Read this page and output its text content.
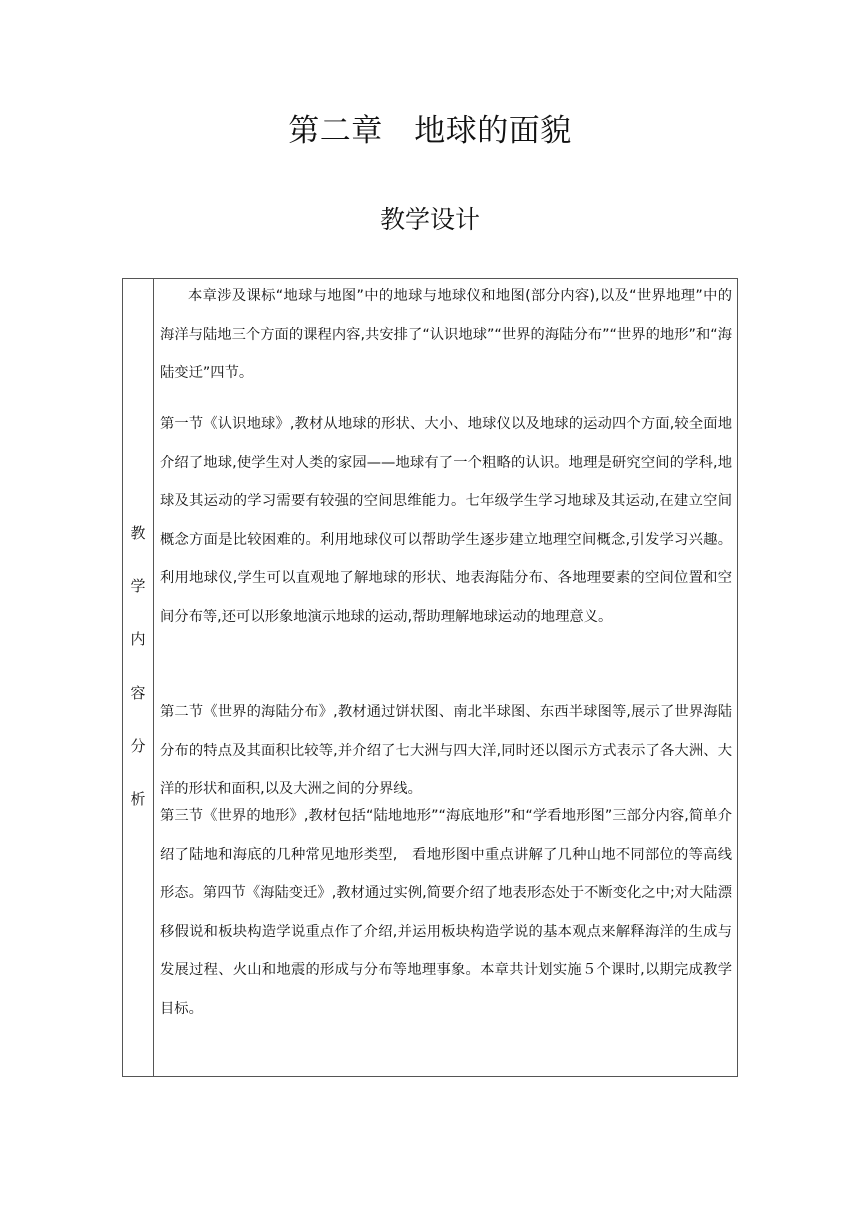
第二章　地球的面貌
教学设计
教
学
内
容
分
析

本章涉及课标“地球与地图”中的地球与地球仪和地图(部分内容),以及“世界地理”中的海洋与陆地三个方面的课程内容,共安排了“认识地球”“世界的海陆分布”“世界的地形”和“海陆变迁”四节。

第一节《认识地球》,教材从地球的形状、大小、地球仪以及地球的运动四个方面,较全面地介绍了地球,使学生对人类的家园——地球有了一个粗略的认识。地理是研究空间的学科,地球及其运动的学习需要有较强的空间思维能力。七年级学生学习地球及其运动,在建立空间概念方面是比较困难的。利用地球仪可以帮助学生逐步建立地理空间概念,引发学习兴趣。利用地球仪,学生可以直观地了解地球的形状、地表海陆分布、各地理要素的空间位置和空间分布等,还可以形象地演示地球的运动,帮助理解地球运动的地理意义。

第二节《世界的海陆分布》,教材通过饼状图、南北半球图、东西半球图等,展示了世界海陆分布的特点及其面积比较等,并介绍了七大洲与四大洋,同时还以图示方式表示了各大洲、大洋的形状和面积,以及大洲之间的分界线。

第三节《世界的地形》,教材包括“陆地地形”“海底地形”和“学看地形图”三部分内容,简单介绍了陆地和海底的几种常见地形类型,　看地形图中重点讲解了几种山地不同部位的等高线形态。第四节《海陆变迁》,教材通过实例,简要介绍了地表形态处于不断变化之中;对大陆漂移假说和板块构造学说重点作了介绍,并运用板块构造学说的基本观点来解释海洋的生成与发展过程、火山和地震的形成与分布等地理事象。本章共计划实施５个课时,以期完成教学目标。
